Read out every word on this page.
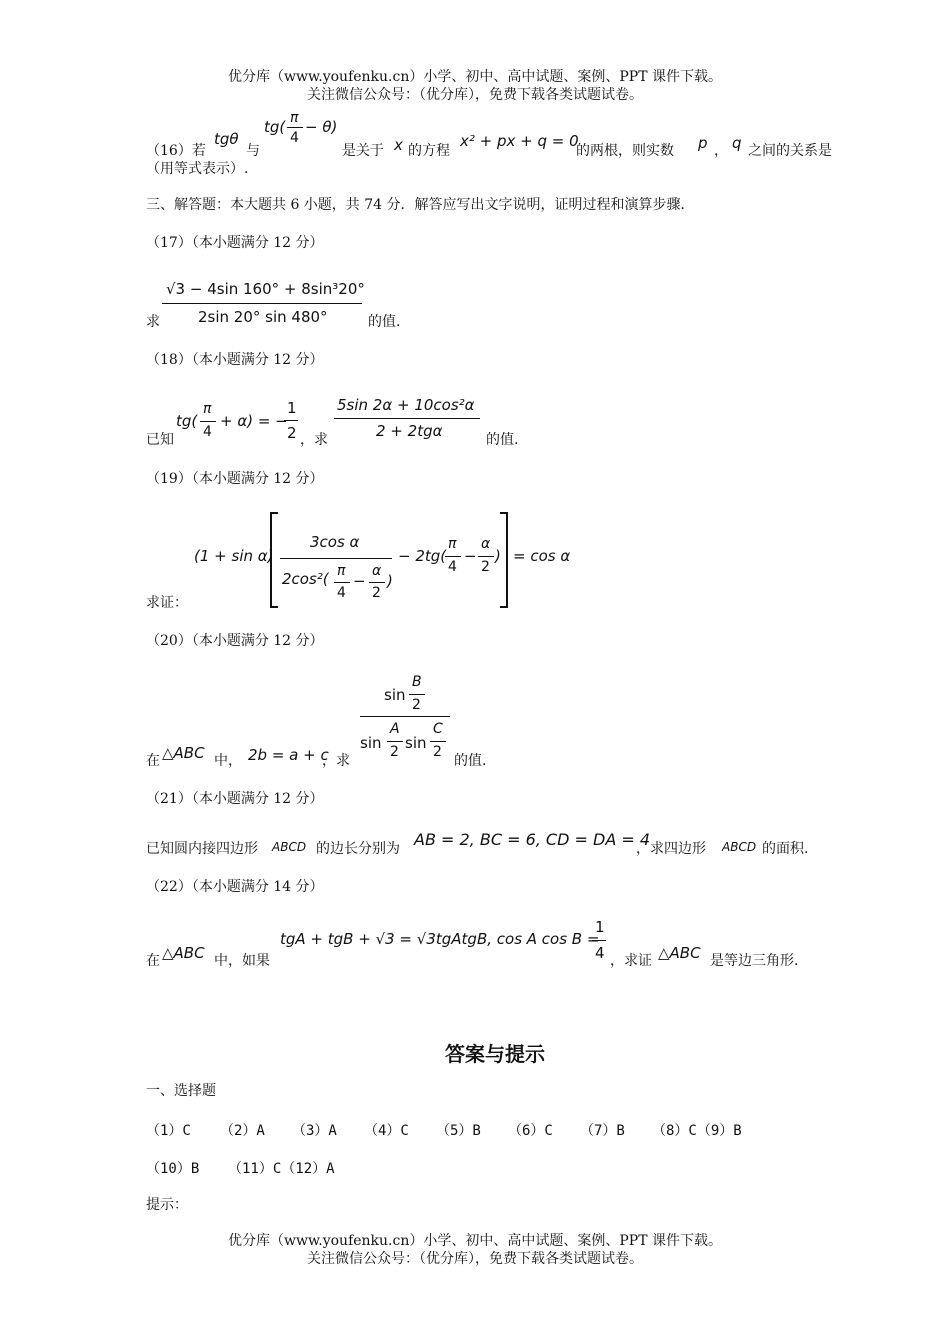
优分库（www.youfenku.cn）小学、初中、高中试题、案例、PPT 课件下载。
关注微信公众号：（优分库），免费下载各类试题试卷。
（16）若
tgθ
与
tg( π
4
− θ)
是关于 x 的方程
x² + px + q = 0
的两根，则实数 p ， q 之间的关系是
（用等式表示）.
三、解答题：本大题共 6 小题，共 74 分．解答应写出文字说明，证明过程和演算步骤．
（17）（本小题满分 12 分）
求
√3 − 4sin 160° + 8sin³20°
2sin 20° sin 480°	的值.
（18）（本小题满分 12 分）
已知
tg(
π
4
+ α) = −
1
2 ，求
5sin 2α + 10cos²α
2 + 2tgα	的值.
（19）（本小题满分 12 分）
求证：
(1 + sin α)
3cos α
2cos²( π
4
−
α
2
)
− 2tg(
π
4
−
α
2
) = cos α
（20）（本小题满分 12 分）
在 △ABC 中， 2b = a + c
，求
sin
B
2
sin
A
2 sin
C
2
的值.
（21）（本小题满分 12 分）
已知圆内接四边形 ABCD 的边长分别为 AB = 2, BC = 6, CD = DA = 4
，求四边形 ABCD 的面积.
（22）（本小题满分 14 分）
在 △ABC 中，如果
tgA + tgB + √3 = √3tgAtgB, cos A cos B =
1
4 ，求证 △ABC 是等边三角形.
答案与提示
一、选择题
（1）C （2）A （3）A （4）C （5）B （6）C （7）B （8）C（9）B
（10）B （11）C（12）A
提示：
优分库（www.youfenku.cn）小学、初中、高中试题、案例、PPT 课件下载。
关注微信公众号：（优分库），免费下载各类试题试卷。
